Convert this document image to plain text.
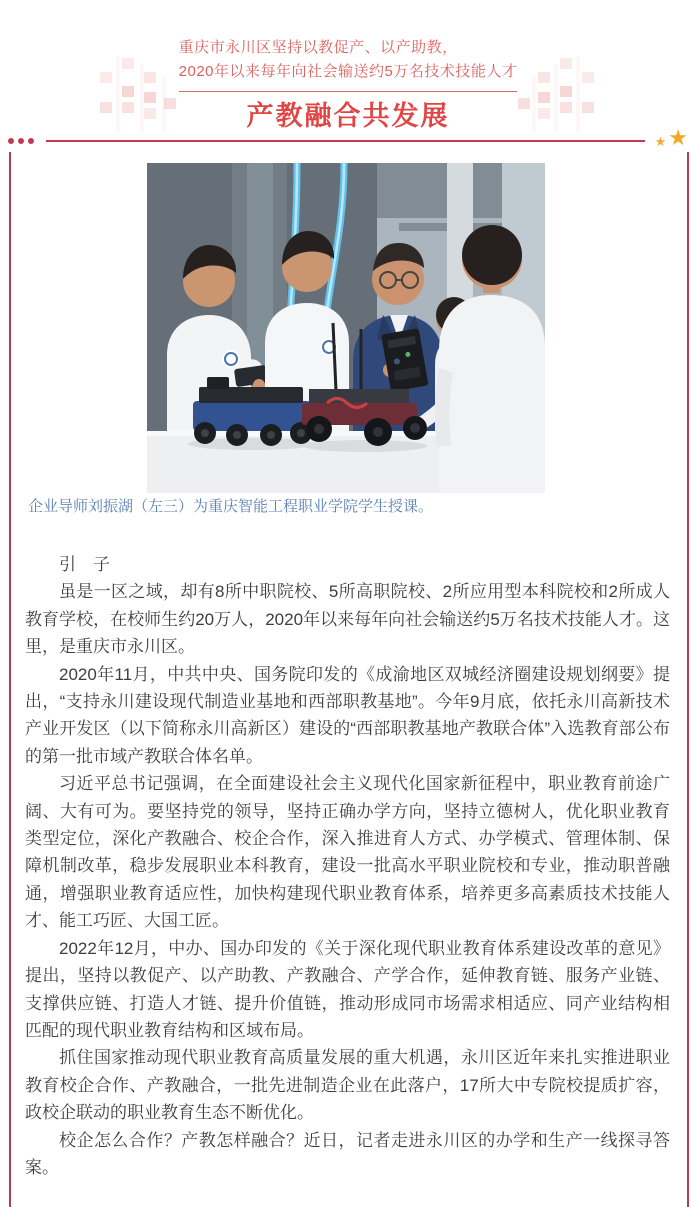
重庆市永川区坚持以教促产、以产助教，
2020年以来每年向社会输送约5万名技术技能人才
产教融合共发展
★ ★
企业导师刘振湖（左三）为重庆智能工程职业学院学生授课。

引　子

虽是一区之域，却有8所中职院校、5所高职院校、2所应用型本科院校和2所成人教育学校，在校师生约20万人，2020年以来每年向社会输送约5万名技术技能人才。这里，是重庆市永川区。

2020年11月，中共中央、国务院印发的《成渝地区双城经济圈建设规划纲要》提出，“支持永川建设现代制造业基地和西部职教基地”。今年9月底，依托永川高新技术产业开发区（以下简称永川高新区）建设的“西部职教基地产教联合体”入选教育部公布的第一批市域产教联合体名单。

习近平总书记强调，在全面建设社会主义现代化国家新征程中，职业教育前途广阔、大有可为。要坚持党的领导，坚持正确办学方向，坚持立德树人，优化职业教育类型定位，深化产教融合、校企合作，深入推进育人方式、办学模式、管理体制、保障机制改革，稳步发展职业本科教育，建设一批高水平职业院校和专业，推动职普融通，增强职业教育适应性，加快构建现代职业教育体系，培养更多高素质技术技能人才、能工巧匠、大国工匠。

2022年12月，中办、国办印发的《关于深化现代职业教育体系建设改革的意见》提出，坚持以教促产、以产助教、产教融合、产学合作，延伸教育链、服务产业链、支撑供应链、打造人才链、提升价值链，推动形成同市场需求相适应、同产业结构相匹配的现代职业教育结构和区域布局。

抓住国家推动现代职业教育高质量发展的重大机遇，永川区近年来扎实推进职业教育校企合作、产教融合，一批先进制造企业在此落户，17所大中专院校提质扩容，政校企联动的职业教育生态不断优化。

校企怎么合作？产教怎样融合？近日，记者走进永川区的办学和生产一线探寻答案。
